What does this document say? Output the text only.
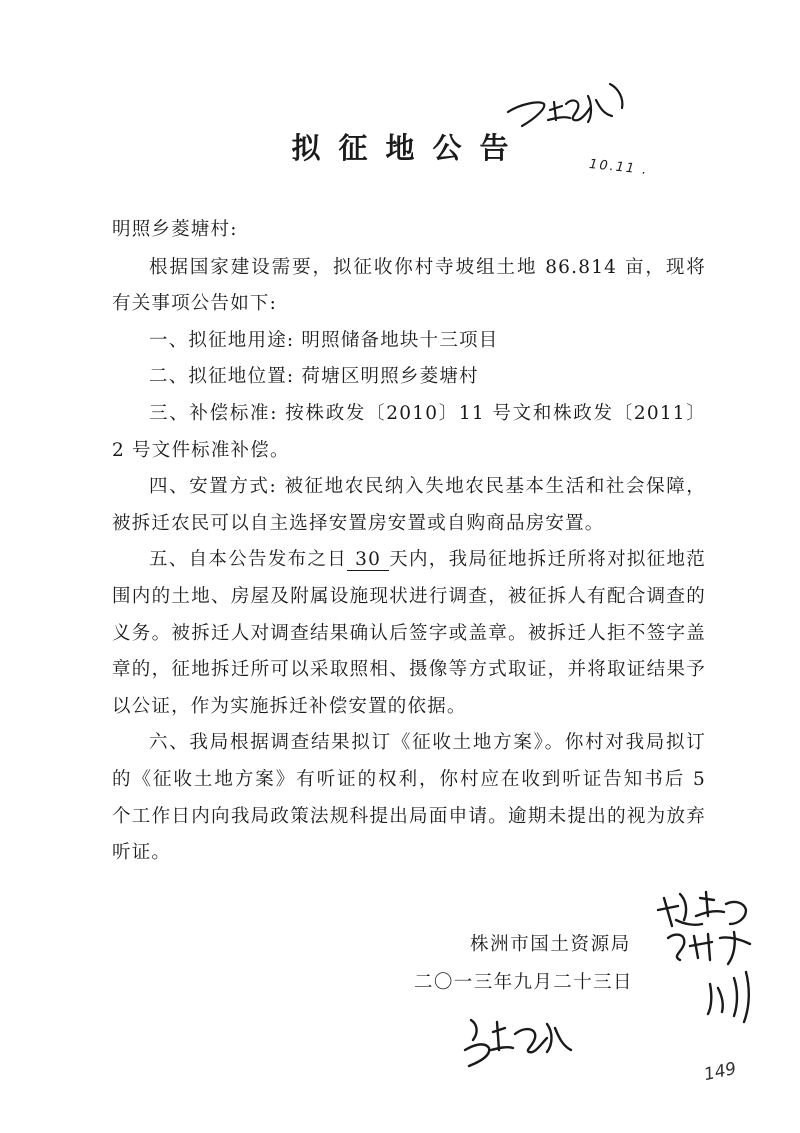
拟征地公告
10.11 .

明照乡菱塘村:

根据国家建设需要，拟征收你村寺坡组土地 86.814 亩，现将有关事项公告如下:

一、拟征地用途: 明照储备地块十三项目

二、拟征地位置: 荷塘区明照乡菱塘村

三、补偿标准: 按株政发〔2010〕11 号文和株政发〔2011〕2 号文件标准补偿。

四、安置方式: 被征地农民纳入失地农民基本生活和社会保障，被拆迁农民可以自主选择安置房安置或自购商品房安置。

五、自本公告发布之日 30 天内，我局征地拆迁所将对拟征地范围内的土地、房屋及附属设施现状进行调查，被征拆人有配合调查的义务。被拆迁人对调查结果确认后签字或盖章。被拆迁人拒不签字盖章的，征地拆迁所可以采取照相、摄像等方式取证，并将取证结果予以公证，作为实施拆迁补偿安置的依据。

六、我局根据调查结果拟订《征收土地方案》。你村对我局拟订的《征收土地方案》有听证的权利，你村应在收到听证告知书后 5 个工作日内向我局政策法规科提出局面申请。逾期未提出的视为放弃听证。

株洲市国土资源局
二〇一三年九月二十三日
149
